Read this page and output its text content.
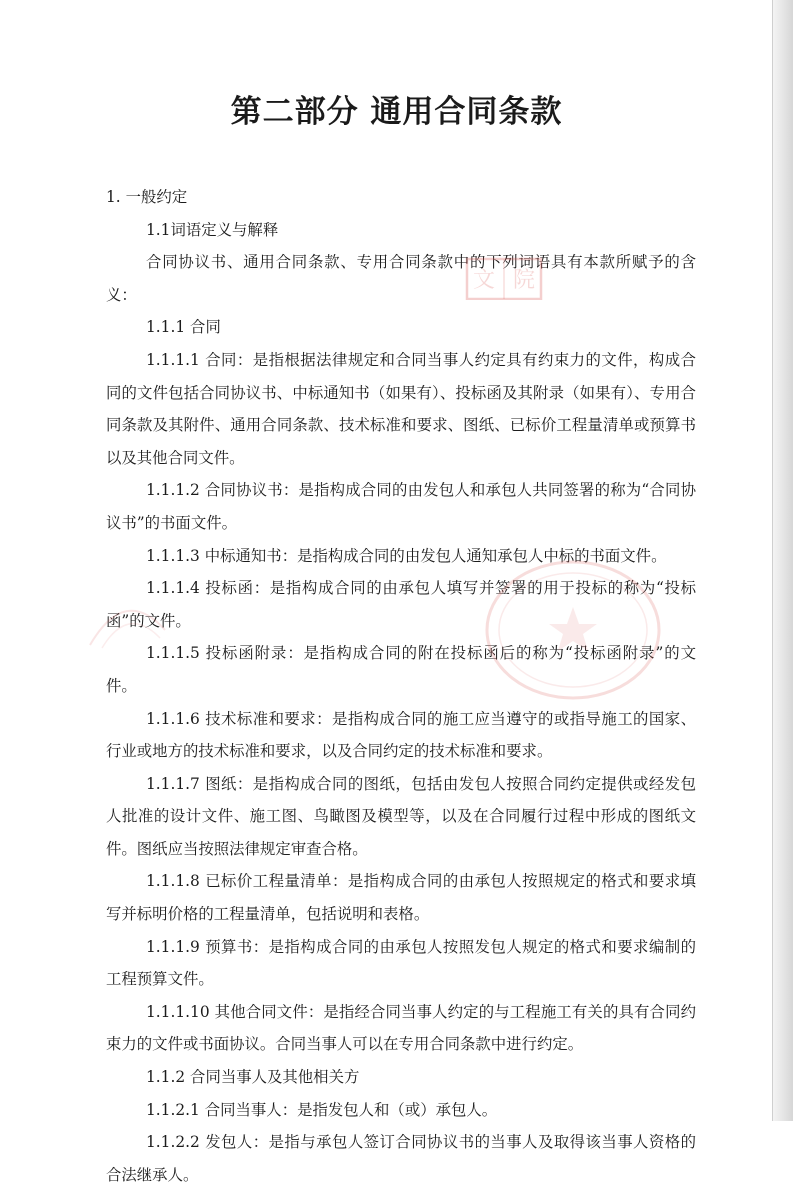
第二部分 通用合同条款

1. 一般约定

1.1词语定义与解释

合同协议书、通用合同条款、专用合同条款中的下列词语具有本款所赋予的含义：

1.1.1 合同

1.1.1.1 合同：是指根据法律规定和合同当事人约定具有约束力的文件，构成合同的文件包括合同协议书、中标通知书（如果有）、投标函及其附录（如果有）、专用合同条款及其附件、通用合同条款、技术标准和要求、图纸、已标价工程量清单或预算书以及其他合同文件。

1.1.1.2 合同协议书：是指构成合同的由发包人和承包人共同签署的称为“合同协议书”的书面文件。

1.1.1.3 中标通知书：是指构成合同的由发包人通知承包人中标的书面文件。

1.1.1.4 投标函：是指构成合同的由承包人填写并签署的用于投标的称为“投标函”的文件。

1.1.1.5 投标函附录：是指构成合同的附在投标函后的称为“投标函附录”的文件。

1.1.1.6 技术标准和要求：是指构成合同的施工应当遵守的或指导施工的国家、行业或地方的技术标准和要求，以及合同约定的技术标准和要求。

1.1.1.7 图纸：是指构成合同的图纸，包括由发包人按照合同约定提供或经发包人批准的设计文件、施工图、鸟瞰图及模型等，以及在合同履行过程中形成的图纸文件。图纸应当按照法律规定审查合格。

1.1.1.8 已标价工程量清单：是指构成合同的由承包人按照规定的格式和要求填写并标明价格的工程量清单，包括说明和表格。

1.1.1.9 预算书：是指构成合同的由承包人按照发包人规定的格式和要求编制的工程预算文件。

1.1.1.10 其他合同文件：是指经合同当事人约定的与工程施工有关的具有合同约束力的文件或书面协议。合同当事人可以在专用合同条款中进行约定。

1.1.2 合同当事人及其他相关方

1.1.2.1 合同当事人：是指发包人和（或）承包人。

1.1.2.2 发包人：是指与承包人签订合同协议书的当事人及取得该当事人资格的合法继承人。

文 院
